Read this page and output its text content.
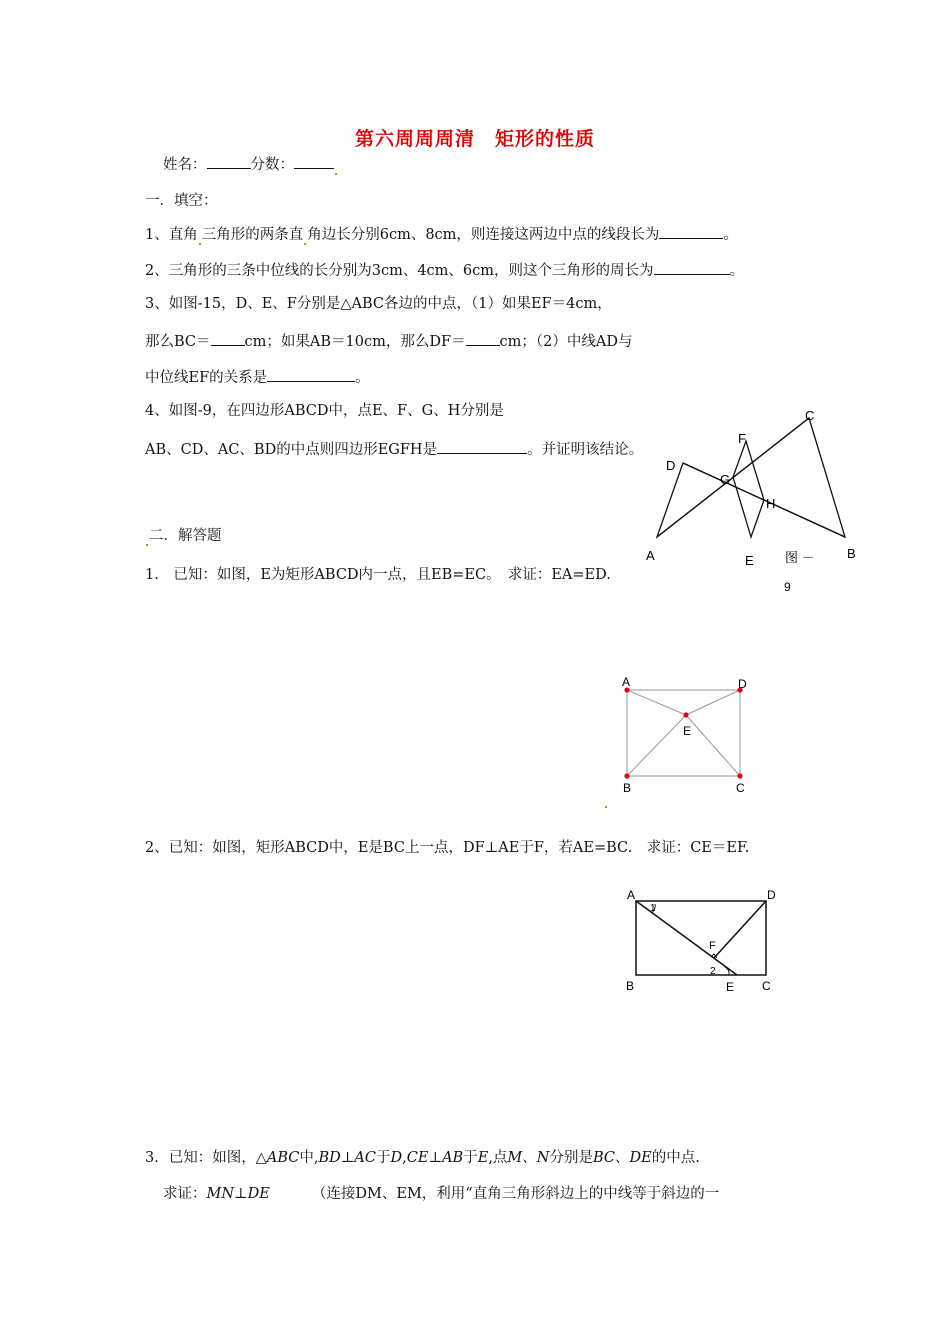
第六周周周清　矩形的性质
姓名：	分数：
一．填空：
1、直角 三角形的两条直 角边长分别6cm、8cm，则连接这两边中点的线段长为	。
2、三角形的三条中位线的长分别为3cm、4cm、6cm，则这个三角形的周长为	。
3、如图-15，D、E、F分别是△ABC各边的中点，（1）如果EF＝4cm，
那么BC＝ cm；如果AB＝10cm，那么DF＝ cm；（2）中线AD与
中位线EF的关系是	。
4、如图-9，在四边形ABCD中，点E、F、G、H分别是
AB、CD、AC、BD的中点则四边形EGFH是	。并证明该结论。
A	B
C
D
E
F
G
H
图 －
9
二．解答题
1.　已知：如图，E为矩形ABCD内一点，且EB=EC。　求证：EA=ED.
A	D
E
B	C
2、已知：如图，矩形ABCD中，E是BC上一点，DF⊥AE于F，若AE=BC.　求证：CE＝EF.
A	D
B	C
E
F
1
2
3．已知：如图，△ABC中,BD⊥AC于D,CE⊥AB于E,点M、N分别是BC、DE的中点.
求证：MN⊥DE	（连接DM、EM，利用“直角三角形斜边上的中线等于斜边的一
